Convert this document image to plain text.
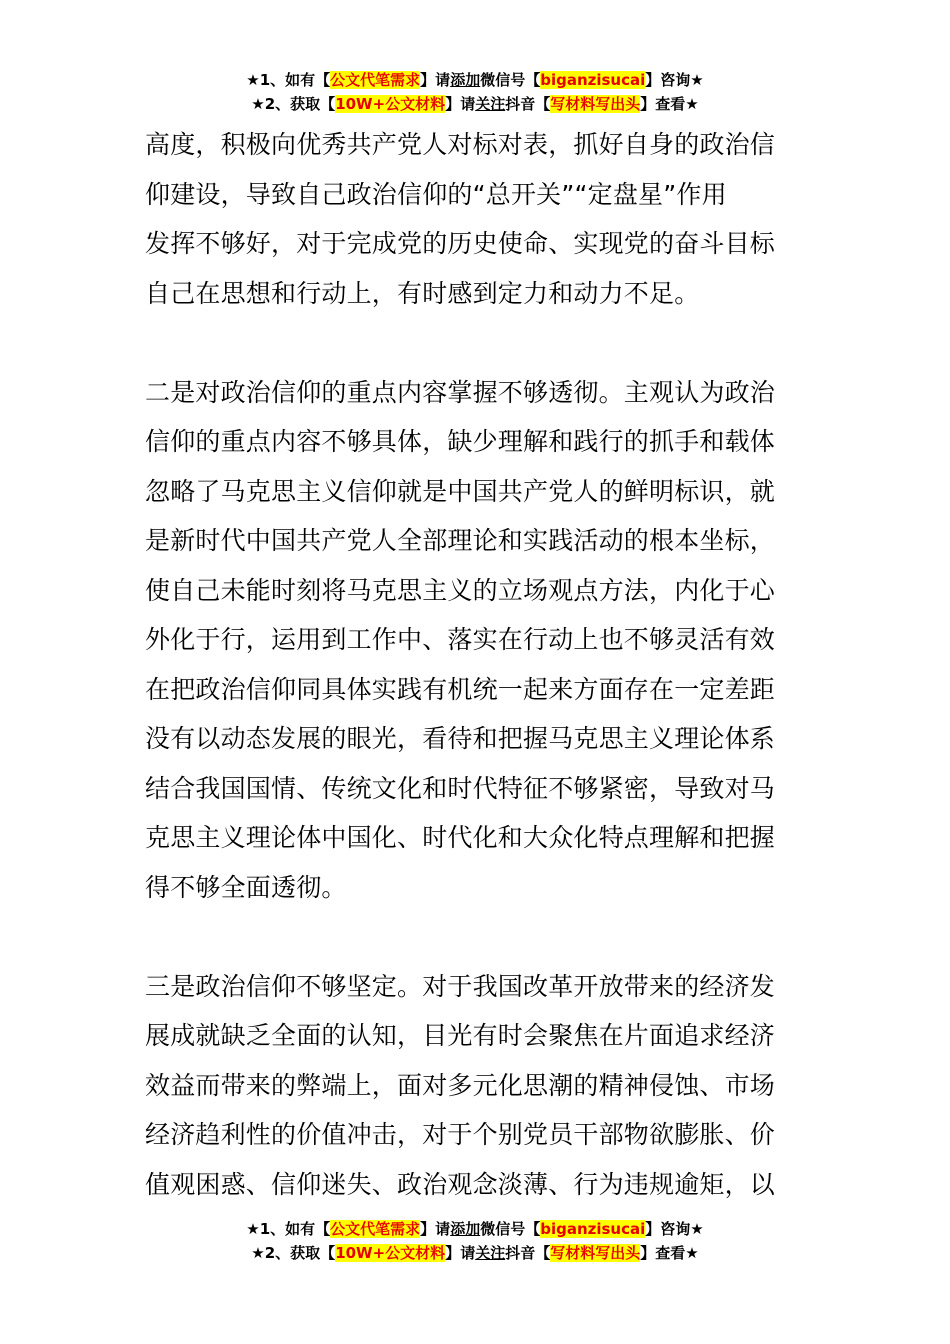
★1、如有【公文代笔需求】请添加微信号【biganzisucai】咨询★
★2、获取【10W+公文材料】请关注抖音【写材料写出头】查看★
高度，积极向优秀共产党人对标对表，抓好自身的政治信
仰建设，导致自己政治信仰的“总开关”“定盘星”作用
发挥不够好，对于完成党的历史使命、实现党的奋斗目标
自己在思想和行动上，有时感到定力和动力不足。
二是对政治信仰的重点内容掌握不够透彻。主观认为政治
信仰的重点内容不够具体，缺少理解和践行的抓手和载体
忽略了马克思主义信仰就是中国共产党人的鲜明标识，就
是新时代中国共产党人全部理论和实践活动的根本坐标，
使自己未能时刻将马克思主义的立场观点方法，内化于心
外化于行，运用到工作中、落实在行动上也不够灵活有效
在把政治信仰同具体实践有机统一起来方面存在一定差距
没有以动态发展的眼光，看待和把握马克思主义理论体系
结合我国国情、传统文化和时代特征不够紧密，导致对马
克思主义理论体中国化、时代化和大众化特点理解和把握
得不够全面透彻。
三是政治信仰不够坚定。对于我国改革开放带来的经济发
展成就缺乏全面的认知，目光有时会聚焦在片面追求经济
效益而带来的弊端上，面对多元化思潮的精神侵蚀、市场
经济趋利性的价值冲击，对于个别党员干部物欲膨胀、价
值观困惑、信仰迷失、政治观念淡薄、行为违规逾矩，以
★1、如有【公文代笔需求】请添加微信号【biganzisucai】咨询★
★2、获取【10W+公文材料】请关注抖音【写材料写出头】查看★
